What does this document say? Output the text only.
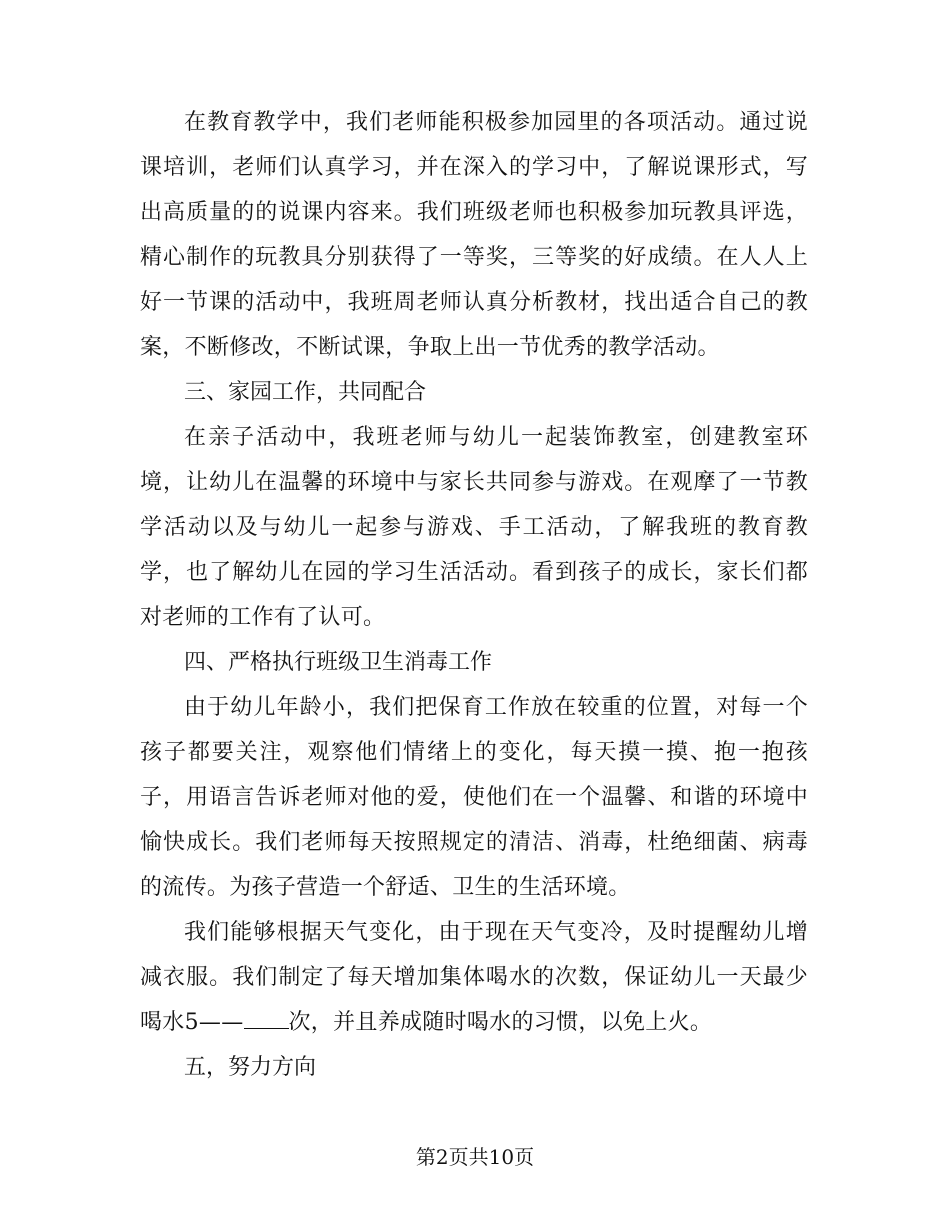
在教育教学中，我们老师能积极参加园里的各项活动。通过说课培训，老师们认真学习，并在深入的学习中，了解说课形式，写出高质量的的说课内容来。我们班级老师也积极参加玩教具评选，精心制作的玩教具分别获得了一等奖，三等奖的好成绩。在人人上好一节课的活动中，我班周老师认真分析教材，找出适合自己的教案，不断修改，不断试课，争取上出一节优秀的教学活动。

三、家园工作，共同配合

在亲子活动中，我班老师与幼儿一起装饰教室，创建教室环境，让幼儿在温馨的环境中与家长共同参与游戏。在观摩了一节教学活动以及与幼儿一起参与游戏、手工活动，了解我班的教育教学，也了解幼儿在园的学习生活活动。看到孩子的成长，家长们都对老师的工作有了认可。

四、严格执行班级卫生消毒工作

由于幼儿年龄小，我们把保育工作放在较重的位置，对每一个孩子都要关注，观察他们情绪上的变化，每天摸一摸、抱一抱孩子，用语言告诉老师对他的爱，使他们在一个温馨、和谐的环境中愉快成长。我们老师每天按照规定的清洁、消毒，杜绝细菌、病毒的流传。为孩子营造一个舒适、卫生的生活环境。

我们能够根据天气变化，由于现在天气变冷，及时提醒幼儿增减衣服。我们制定了每天增加集体喝水的次数，保证幼儿一天最少喝水5—— 次，并且养成随时喝水的习惯，以免上火。

五，努力方向

第2页共10页
